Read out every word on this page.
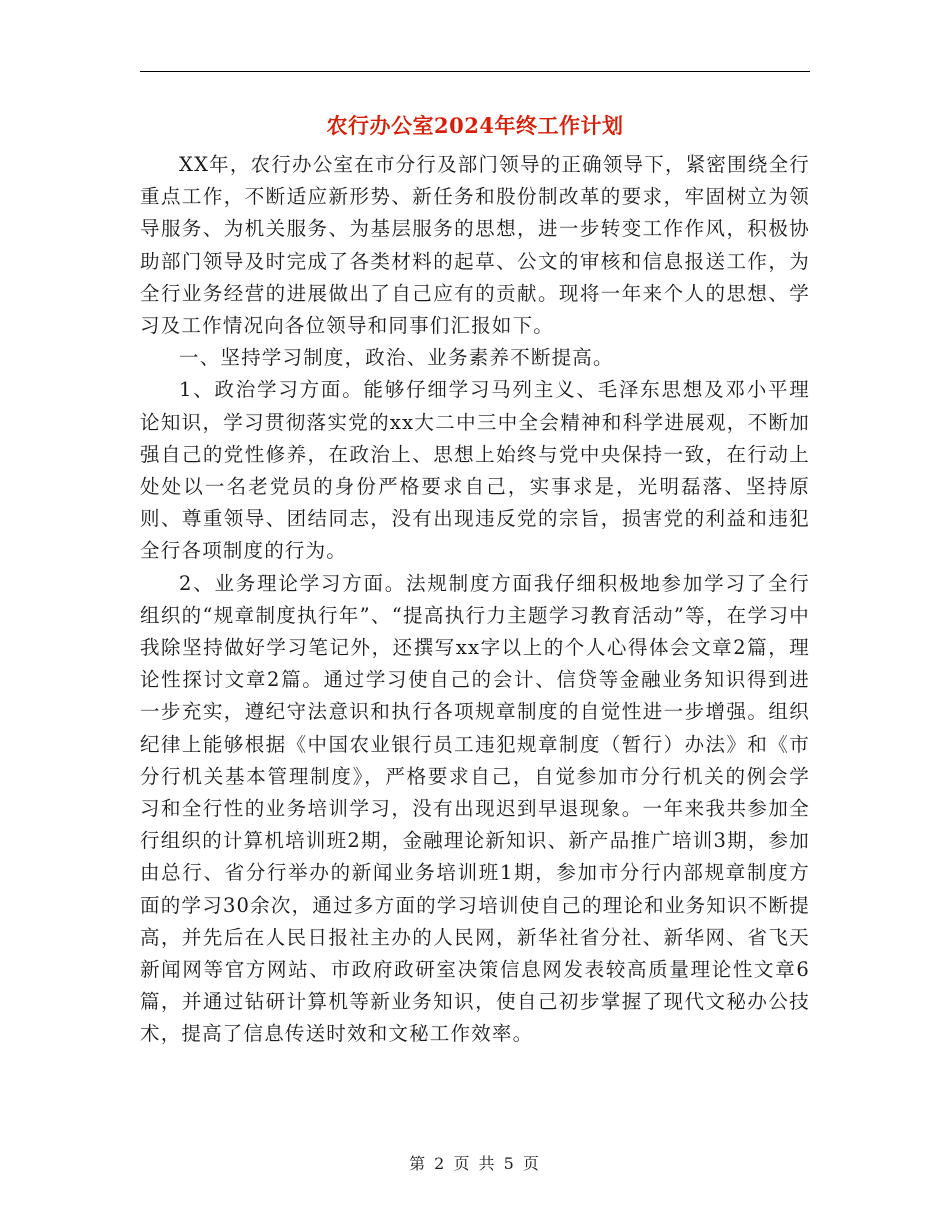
农行办公室2024年终工作计划

XX年，农行办公室在市分行及部门领导的正确领导下，紧密围绕全行重点工作，不断适应新形势、新任务和股份制改革的要求，牢固树立为领导服务、为机关服务、为基层服务的思想，进一步转变工作作风，积极协助部门领导及时完成了各类材料的起草、公文的审核和信息报送工作，为全行业务经营的进展做出了自己应有的贡献。现将一年来个人的思想、学习及工作情况向各位领导和同事们汇报如下。

一、坚持学习制度，政治、业务素养不断提高。

1、政治学习方面。能够仔细学习马列主义、毛泽东思想及邓小平理论知识，学习贯彻落实党的xx大二中三中全会精神和科学进展观，不断加强自己的党性修养，在政治上、思想上始终与党中央保持一致，在行动上处处以一名老党员的身份严格要求自己，实事求是，光明磊落、坚持原则、尊重领导、团结同志，没有出现违反党的宗旨，损害党的利益和违犯全行各项制度的行为。

2、业务理论学习方面。法规制度方面我仔细积极地参加学习了全行组织的“规章制度执行年”、“提高执行力主题学习教育活动”等，在学习中我除坚持做好学习笔记外，还撰写xx字以上的个人心得体会文章2篇，理论性探讨文章2篇。通过学习使自己的会计、信贷等金融业务知识得到进一步充实，遵纪守法意识和执行各项规章制度的自觉性进一步增强。组织纪律上能够根据《中国农业银行员工违犯规章制度（暂行）办法》和《市分行机关基本管理制度》，严格要求自己，自觉参加市分行机关的例会学习和全行性的业务培训学习，没有出现迟到早退现象。一年来我共参加全行组织的计算机培训班2期，金融理论新知识、新产品推广培训3期，参加由总行、省分行举办的新闻业务培训班1期，参加市分行内部规章制度方面的学习30余次，通过多方面的学习培训使自己的理论和业务知识不断提高，并先后在人民日报社主办的人民网，新华社省分社、新华网、省飞天新闻网等官方网站、市政府政研室决策信息网发表较高质量理论性文章6篇，并通过钻研计算机等新业务知识，使自己初步掌握了现代文秘办公技术，提高了信息传送时效和文秘工作效率。

第 2 页 共 5 页
